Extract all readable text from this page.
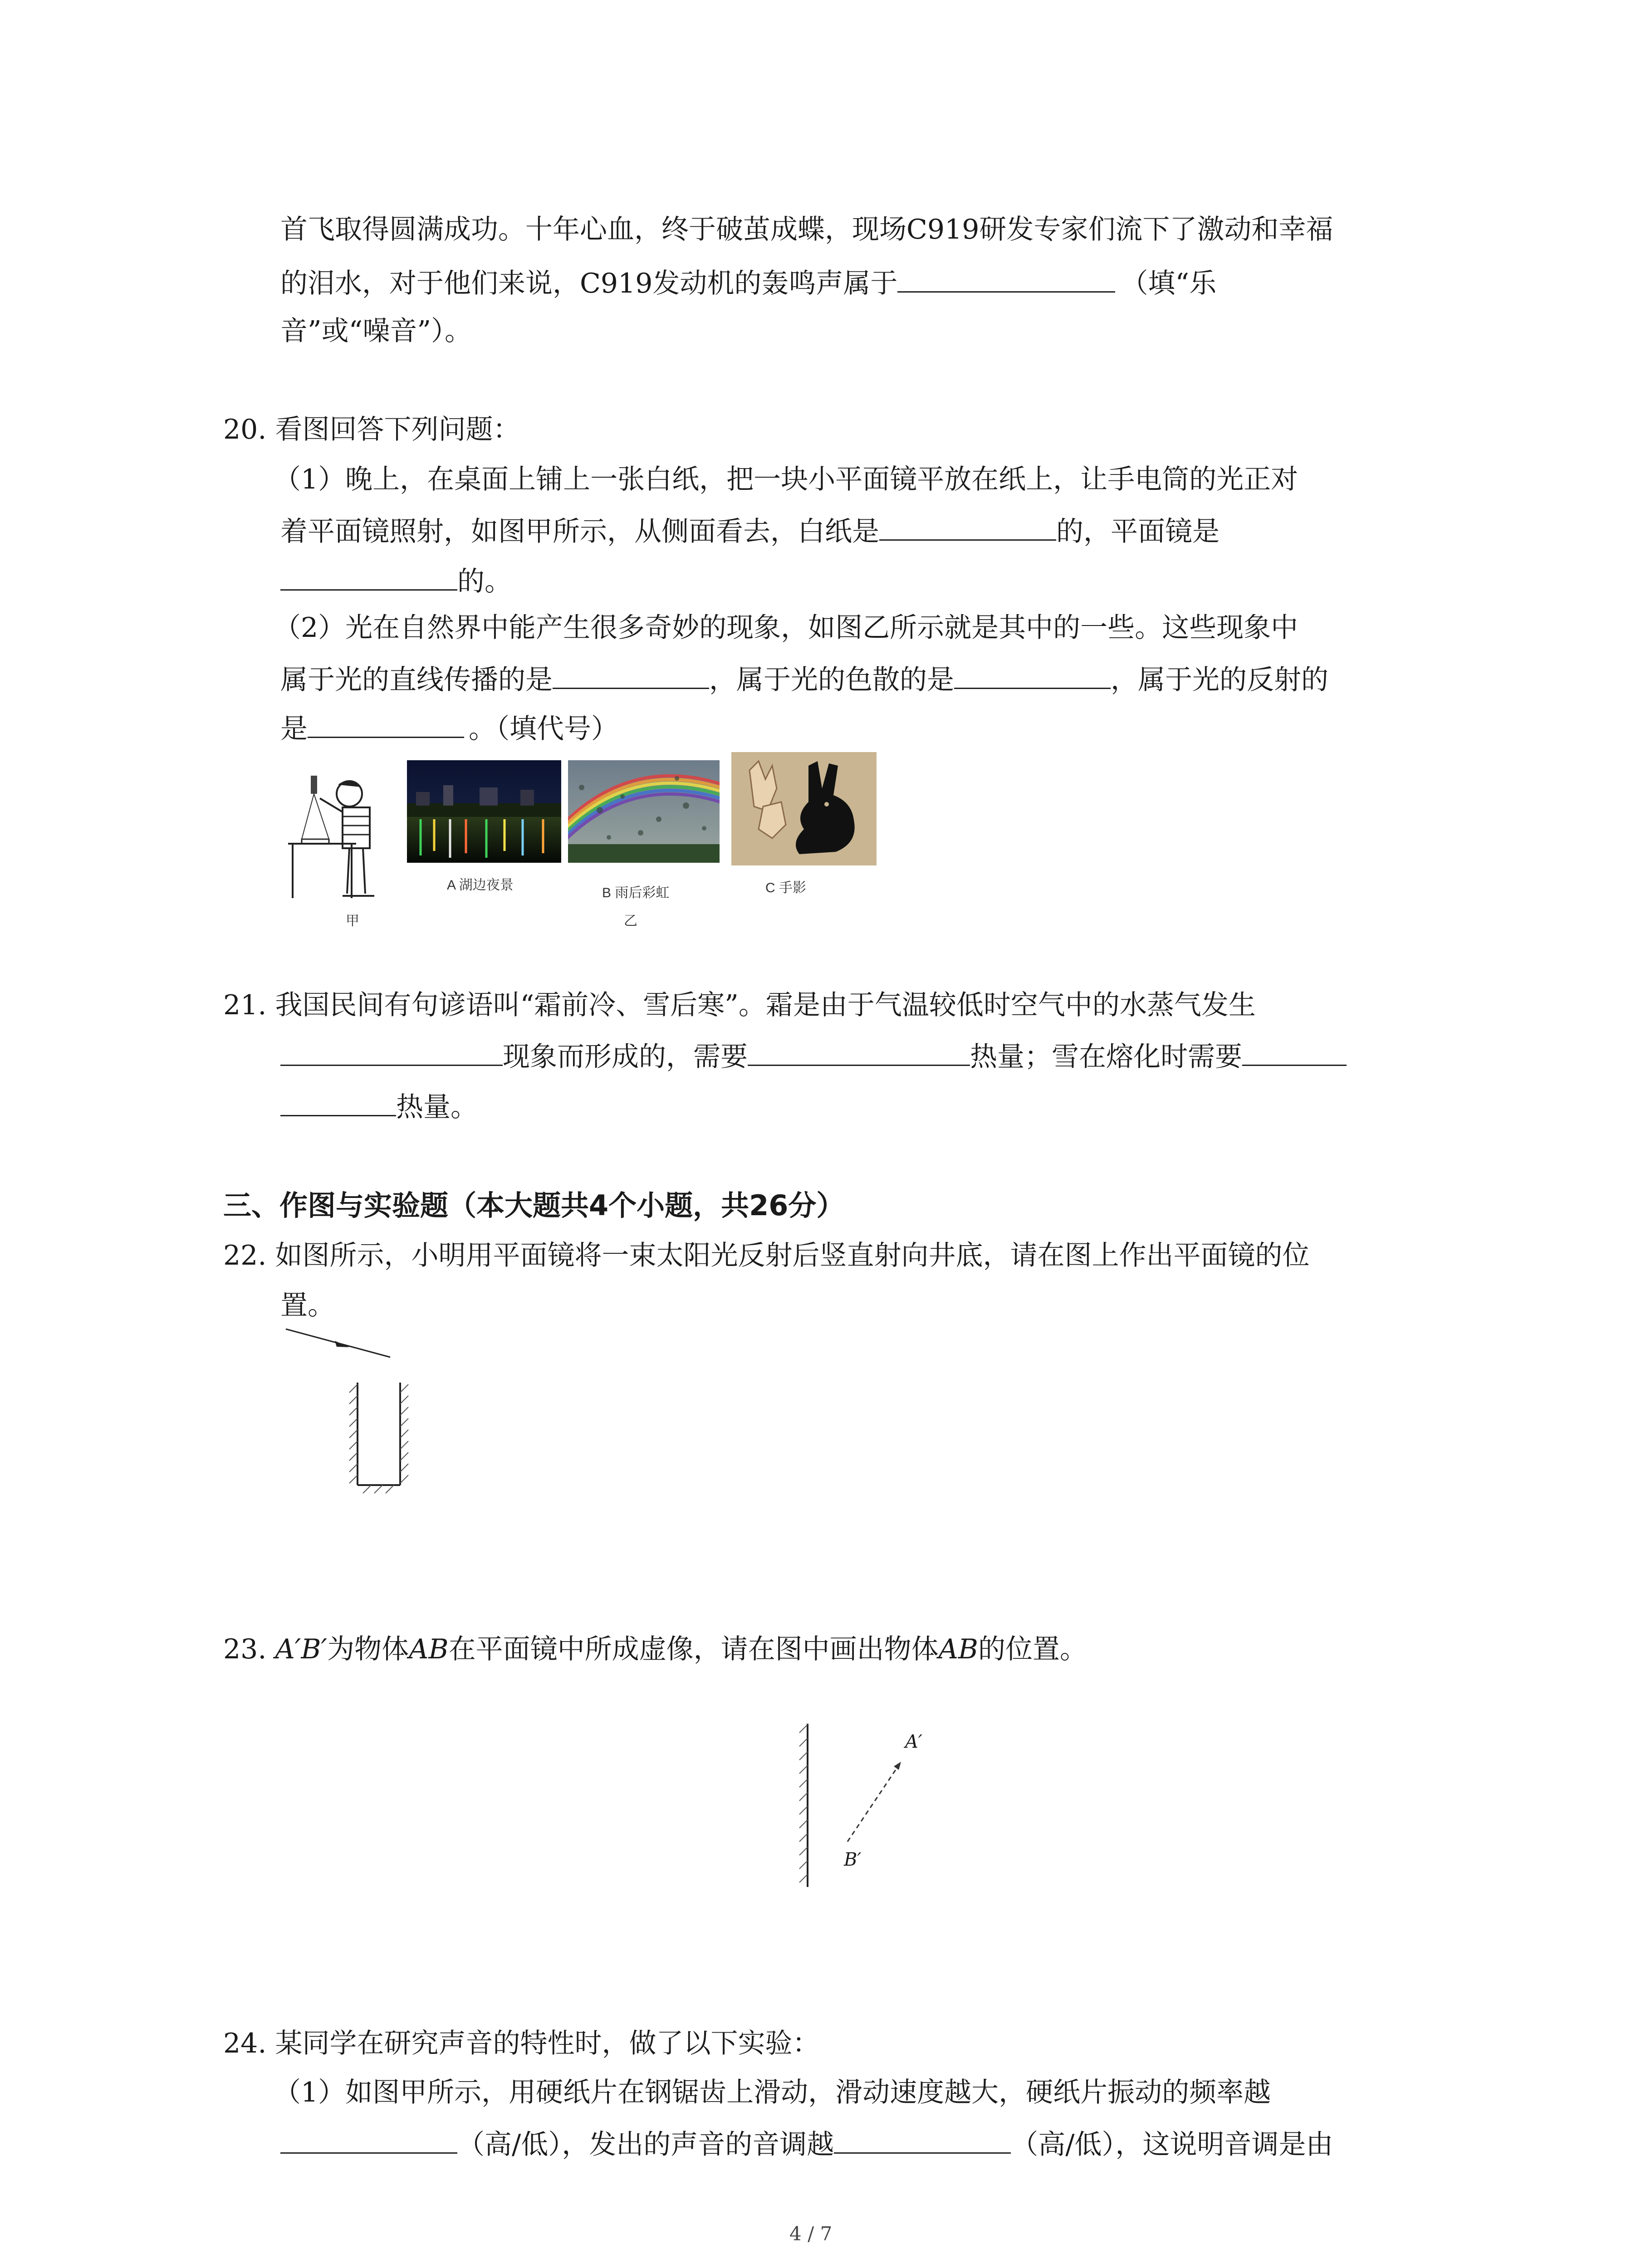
首飞取得圆满成功。十年心血，终于破茧成蝶，现场C919研发专家们流下了激动和幸福
的泪水，对于他们来说，C919发动机的轰鸣声属于	（填“乐
音”或“噪音”）。
20. 看图回答下列问题：
（1）晚上，在桌面上铺上一张白纸，把一块小平面镜平放在纸上，让手电筒的光正对
着平面镜照射，如图甲所示，从侧面看去，白纸是	的，平面镜是
的。
（2）光在自然界中能产生很多奇妙的现象，如图乙所示就是其中的一些。这些现象中
属于光的直线传播的是	，属于光的色散的是	，属于光的反射的
是	。（填代号）
甲
A 湖边夜景
B 雨后彩虹
乙
C 手影
21. 我国民间有句谚语叫“霜前冷、雪后寒”。霜是由于气温较低时空气中的水蒸气发生
现象而形成的，需要	热量；雪在熔化时需要
热量。
三、作图与实验题（本大题共4个小题，共26分）
22. 如图所示，小明用平面镜将一束太阳光反射后竖直射向井底，请在图上作出平面镜的位
置。
23. A′B′为物体AB在平面镜中所成虚像，请在图中画出物体AB的位置。
A′
B′
24. 某同学在研究声音的特性时，做了以下实验：
（1）如图甲所示，用硬纸片在钢锯齿上滑动，滑动速度越大，硬纸片振动的频率越
（高/低），发出的声音的音调越	（高/低），这说明音调是由
4 / 7
